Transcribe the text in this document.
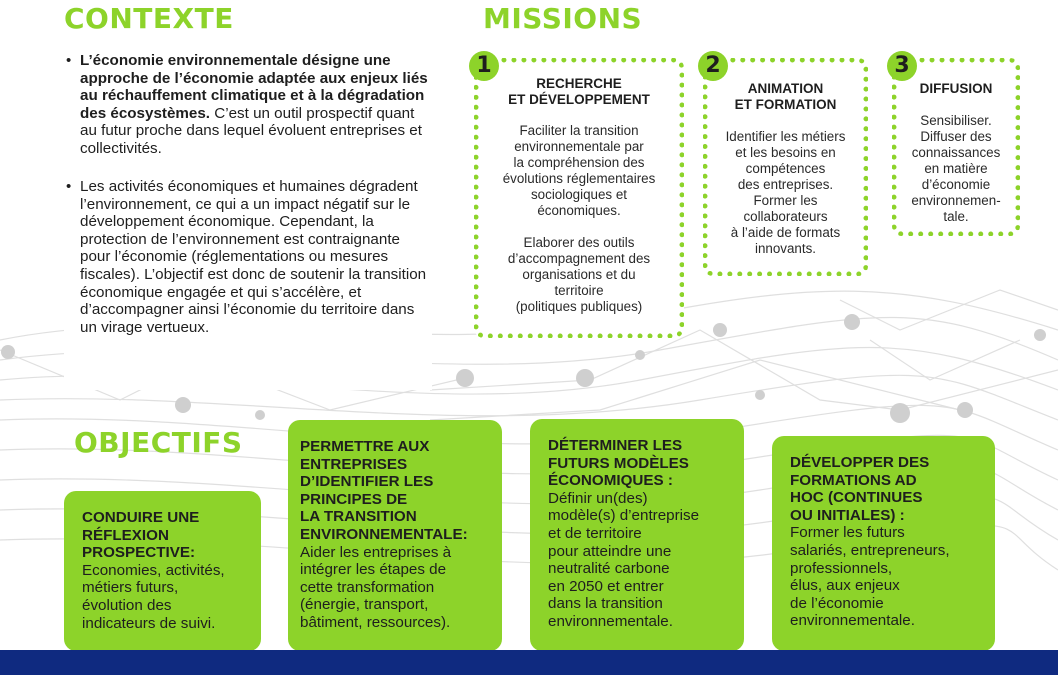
CONTEXTE	MISSIONS
OBJECTIFS
• L’économie environnementale désigne une approche de l’économie adaptée aux enjeux liés au réchauffement climatique et à la dégradation des écosystèmes. C’est un outil prospectif quant au futur proche dans lequel évoluent entreprises et collectivités.
• Les activités économiques et humaines dégradent l’environnement, ce qui a un impact négatif sur le développement économique. Cependant, la protection de l’environnement est contraignante pour l’économie (réglementations ou mesures fiscales). L’objectif est donc de soutenir la transition économique engagée et qui s’accélère, et d’accompagner ainsi l’économie du territoire dans un virage vertueux.
1
RECHERCHE
ET DÉVELOPPEMENT
Faciliter la transition
environnementale par
la compréhension des
évolutions réglementaires
sociologiques et
économiques.
Elaborer des outils
d’accompagnement des
organisations et du
territoire
(politiques publiques)
2
ANIMATION
ET FORMATION
Identifier les métiers
et les besoins en
compétences
des entreprises.
Former les
collaborateurs
à l’aide de formats
innovants.
3
DIFFUSION
Sensibiliser.
Diffuser des
connaissances
en matière
d’économie
environnemen-
tale.
CONDUIRE UNE
RÉFLEXION
PROSPECTIVE:
Economies, activités,
métiers futurs,
évolution des
indicateurs de suivi.
PERMETTRE AUX
ENTREPRISES
D’IDENTIFIER LES
PRINCIPES DE
LA TRANSITION
ENVIRONNEMENTALE:
Aider les entreprises à
intégrer les étapes de
cette transformation
(énergie, transport,
bâtiment, ressources).
DÉTERMINER LES
FUTURS MODÈLES
ÉCONOMIQUES :
Définir un(des)
modèle(s) d’entreprise
et de territoire
pour atteindre une
neutralité carbone
en 2050 et entrer
dans la transition
environnementale.
DÉVELOPPER DES
FORMATIONS AD
HOC (CONTINUES
OU INITIALES) :
Former les futurs
salariés, entrepreneurs,
professionnels,
élus, aux enjeux
de l’économie
environnementale.
